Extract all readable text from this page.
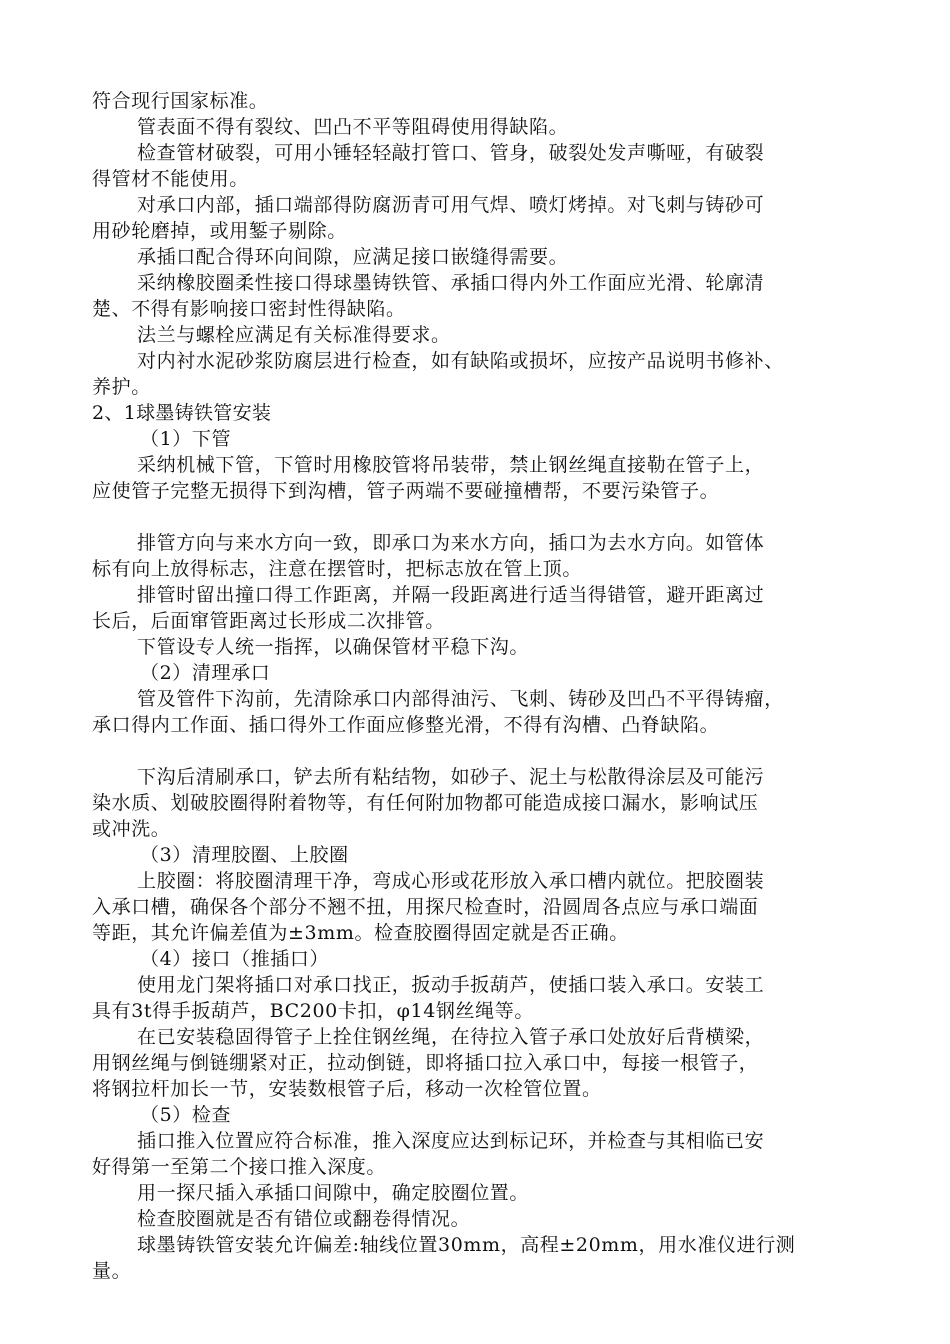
符合现行国家标准。
管表面不得有裂纹、凹凸不平等阻碍使用得缺陷。
检查管材破裂，可用小锤轻轻敲打管口、管身，破裂处发声嘶哑，有破裂
得管材不能使用。
对承口内部，插口端部得防腐沥青可用气焊、喷灯烤掉。对飞刺与铸砂可
用砂轮磨掉，或用錾子剔除。
承插口配合得环向间隙，应满足接口嵌缝得需要。
采纳橡胶圈柔性接口得球墨铸铁管、承插口得内外工作面应光滑、轮廓清
楚、不得有影响接口密封性得缺陷。
法兰与螺栓应满足有关标准得要求。
对内衬水泥砂浆防腐层进行检查，如有缺陷或损坏，应按产品说明书修补、
养护。
2、1球墨铸铁管安装
（1）下管
采纳机械下管，下管时用橡胶管将吊装带，禁止钢丝绳直接勒在管子上，
应使管子完整无损得下到沟槽，管子两端不要碰撞槽帮，不要污染管子。
排管方向与来水方向一致，即承口为来水方向，插口为去水方向。如管体
标有向上放得标志，注意在摆管时，把标志放在管上顶。
排管时留出撞口得工作距离，并隔一段距离进行适当得错管，避开距离过
长后，后面窜管距离过长形成二次排管。
下管设专人统一指挥，以确保管材平稳下沟。
（2）清理承口
管及管件下沟前，先清除承口内部得油污、飞刺、铸砂及凹凸不平得铸瘤，
承口得内工作面、插口得外工作面应修整光滑，不得有沟槽、凸脊缺陷。
下沟后清刷承口，铲去所有粘结物，如砂子、泥土与松散得涂层及可能污
染水质、划破胶圈得附着物等，有任何附加物都可能造成接口漏水，影响试压
或冲洗。
（3）清理胶圈、上胶圈
上胶圈：将胶圈清理干净，弯成心形或花形放入承口槽内就位。把胶圈装
入承口槽，确保各个部分不翘不扭，用探尺检查时，沿圆周各点应与承口端面
等距，其允许偏差值为±3mm。检查胶圈得固定就是否正确。
（4）接口（推插口）
使用龙门架将插口对承口找正，扳动手扳葫芦，使插口装入承口。安装工
具有3t得手扳葫芦，BC200卡扣，φ14钢丝绳等。
在已安装稳固得管子上拴住钢丝绳，在待拉入管子承口处放好后背横梁，
用钢丝绳与倒链绷紧对正，拉动倒链，即将插口拉入承口中，每接一根管子，
将钢拉杆加长一节，安装数根管子后，移动一次栓管位置。
（5）检查
插口推入位置应符合标准，推入深度应达到标记环，并检查与其相临已安
好得第一至第二个接口推入深度。
用一探尺插入承插口间隙中，确定胶圈位置。
检查胶圈就是否有错位或翻卷得情况。
球墨铸铁管安装允许偏差:轴线位置30mm，高程±20mm，用水准仪进行测
量。
